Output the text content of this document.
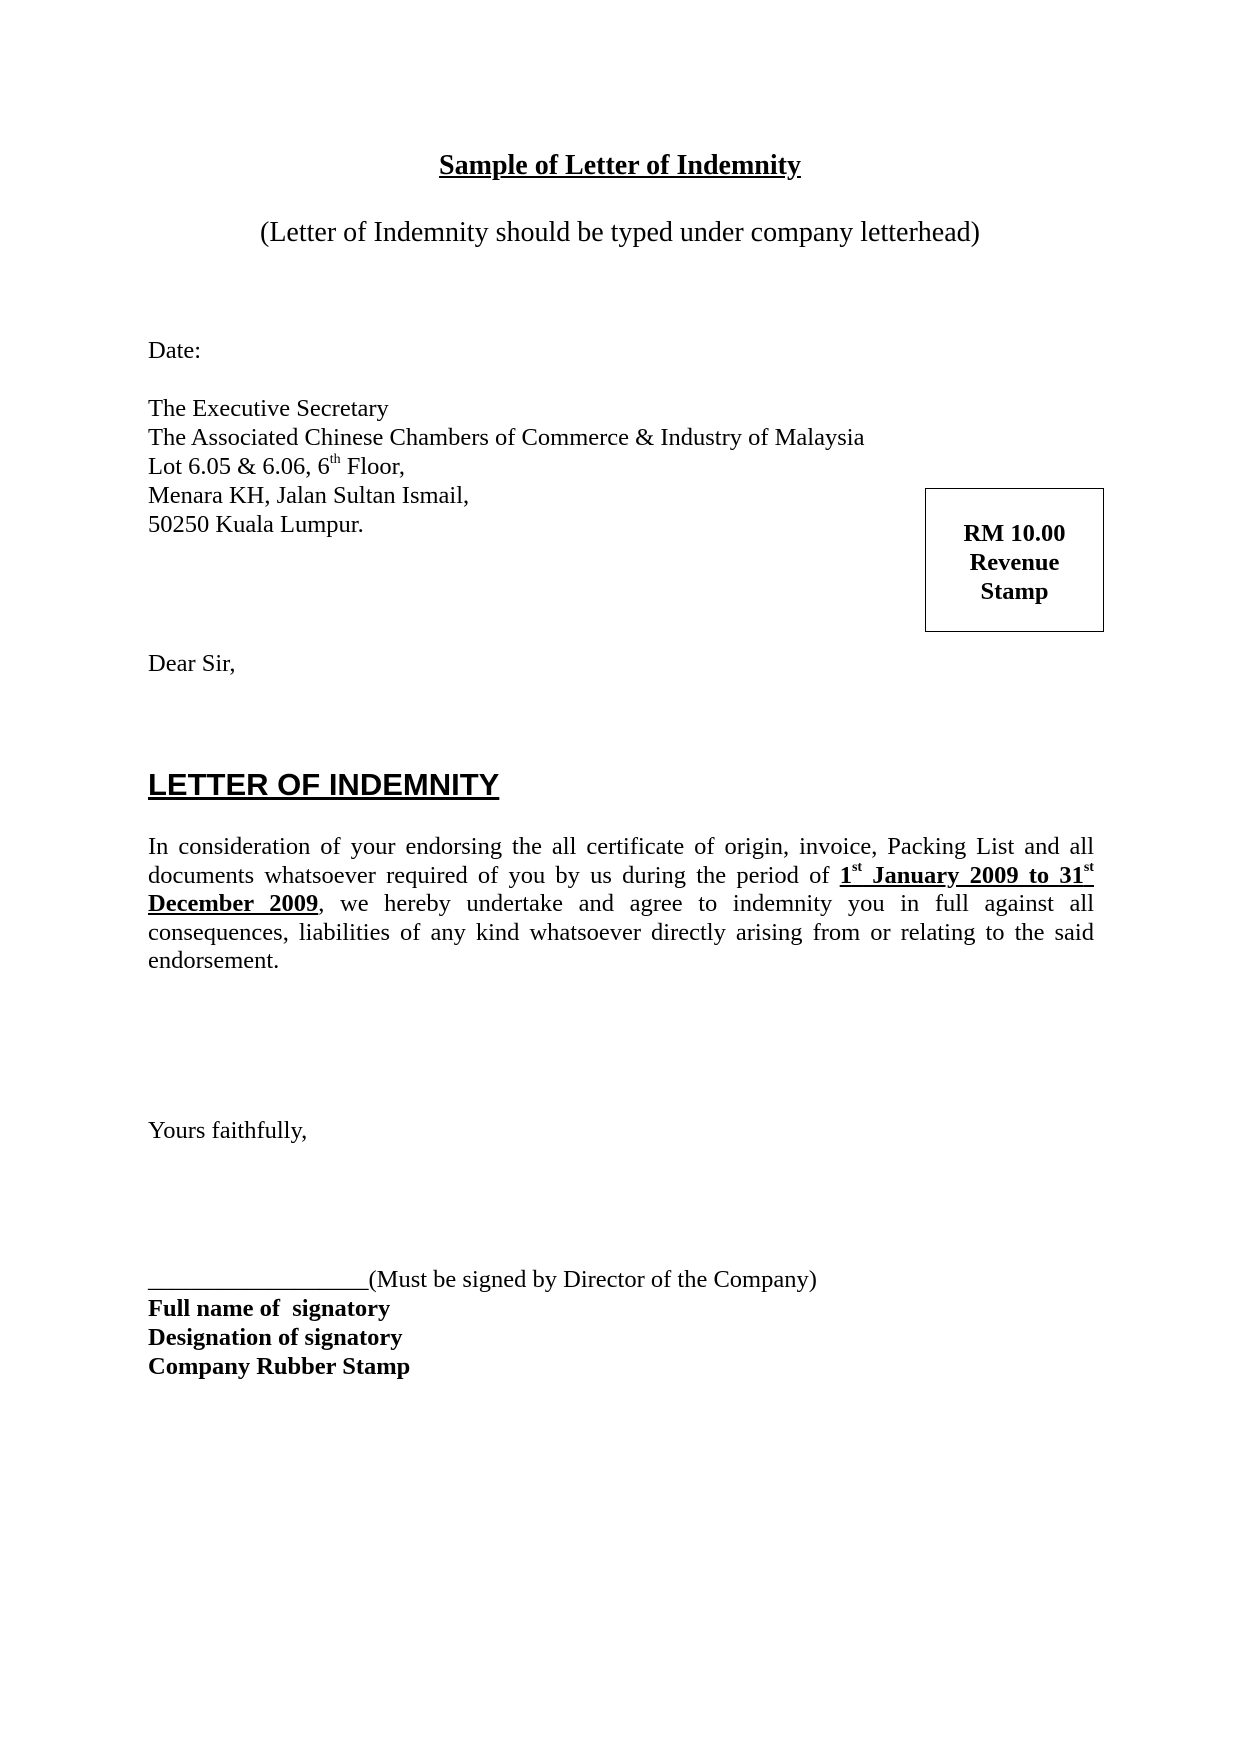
Sample of Letter of Indemnity
(Letter of Indemnity should be typed under company letterhead)
Date:
The Executive Secretary
The Associated Chinese Chambers of Commerce & Industry of Malaysia
Lot 6.05 & 6.06, 6th Floor,
Menara KH, Jalan Sultan Ismail,
50250 Kuala Lumpur.	RM 10.00
Revenue
Stamp
Dear Sir,
LETTER OF INDEMNITY
In consideration of your endorsing the all certificate of origin, invoice, Packing List and all
documents whatsoever required of you by us during the period of 1st January 2009 to 31st
December 2009, we hereby undertake and agree to indemnity you in full against all
consequences, liabilities of any kind whatsoever directly arising from or relating to the said
endorsement.
Yours faithfully,
__________________(Must be signed by Director of the Company)
Full name of  signatory
Designation of signatory
Company Rubber Stamp
